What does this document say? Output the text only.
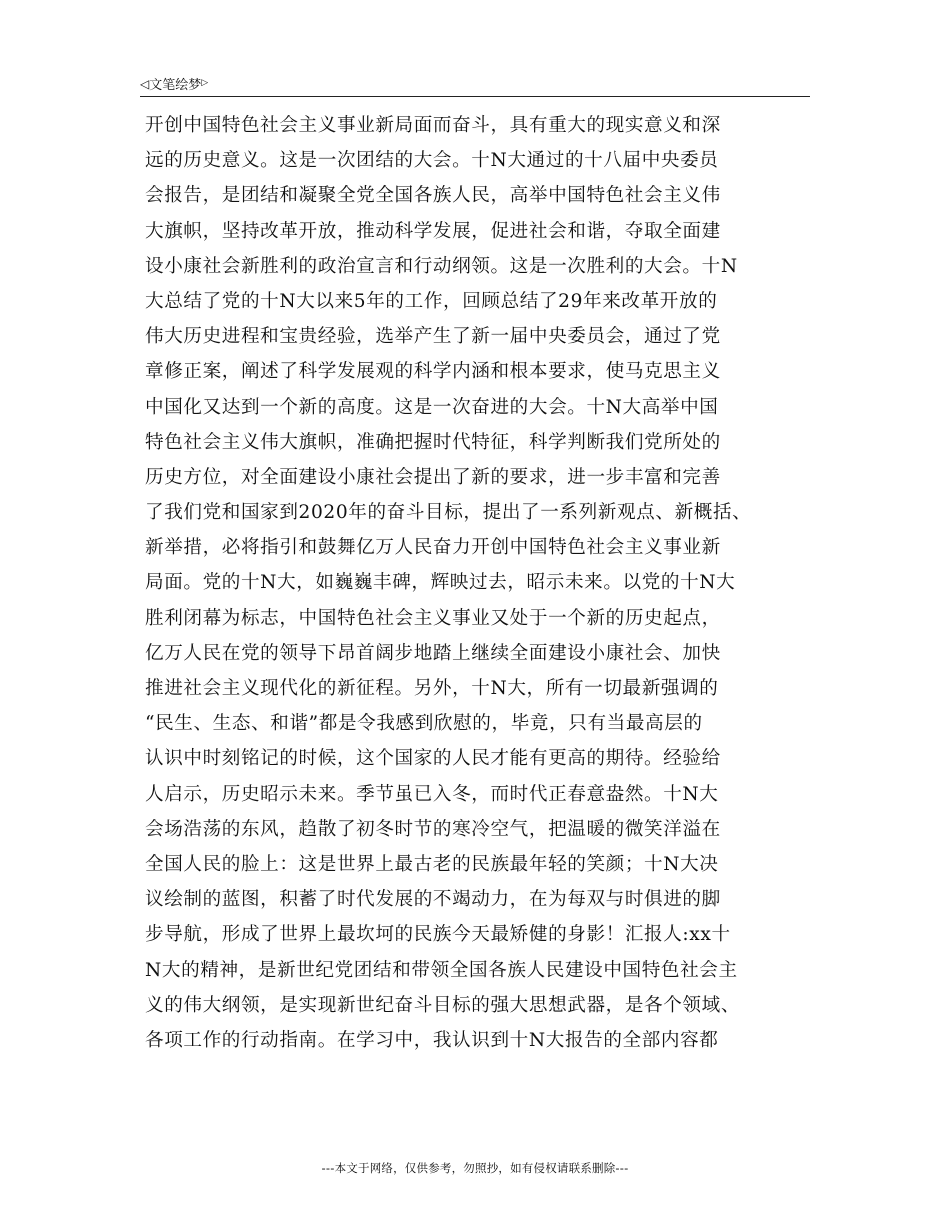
◁文笔绘梦▷
开创中国特色社会主义事业新局面而奋斗，具有重大的现实意义和深
远的历史意义。这是一次团结的大会。十N大通过的十八届中央委员
会报告，是团结和凝聚全党全国各族人民，高举中国特色社会主义伟
大旗帜，坚持改革开放，推动科学发展，促进社会和谐，夺取全面建
设小康社会新胜利的政治宣言和行动纲领。这是一次胜利的大会。十N
大总结了党的十N大以来5年的工作，回顾总结了29年来改革开放的
伟大历史进程和宝贵经验，选举产生了新一届中央委员会，通过了党
章修正案，阐述了科学发展观的科学内涵和根本要求，使马克思主义
中国化又达到一个新的高度。这是一次奋进的大会。十N大高举中国
特色社会主义伟大旗帜，准确把握时代特征，科学判断我们党所处的
历史方位，对全面建设小康社会提出了新的要求，进一步丰富和完善
了我们党和国家到2020年的奋斗目标，提出了一系列新观点、新概括、
新举措，必将指引和鼓舞亿万人民奋力开创中国特色社会主义事业新
局面。党的十N大，如巍巍丰碑，辉映过去，昭示未来。以党的十N大
胜利闭幕为标志，中国特色社会主义事业又处于一个新的历史起点，
亿万人民在党的领导下昂首阔步地踏上继续全面建设小康社会、加快
推进社会主义现代化的新征程。另外，十N大，所有一切最新强调的
“民生、生态、和谐”都是令我感到欣慰的，毕竟，只有当最高层的
认识中时刻铭记的时候，这个国家的人民才能有更高的期待。经验给
人启示，历史昭示未来。季节虽已入冬，而时代正春意盎然。十N大
会场浩荡的东风，趋散了初冬时节的寒冷空气，把温暖的微笑洋溢在
全国人民的脸上：这是世界上最古老的民族最年轻的笑颜；十N大决
议绘制的蓝图，积蓄了时代发展的不竭动力，在为每双与时俱进的脚
步导航，形成了世界上最坎坷的民族今天最矫健的身影！汇报人:xx十
N大的精神，是新世纪党团结和带领全国各族人民建设中国特色社会主
义的伟大纲领，是实现新世纪奋斗目标的强大思想武器，是各个领域、
各项工作的行动指南。在学习中，我认识到十N大报告的全部内容都
---本文于网络，仅供参考，勿照抄，如有侵权请联系删除---
